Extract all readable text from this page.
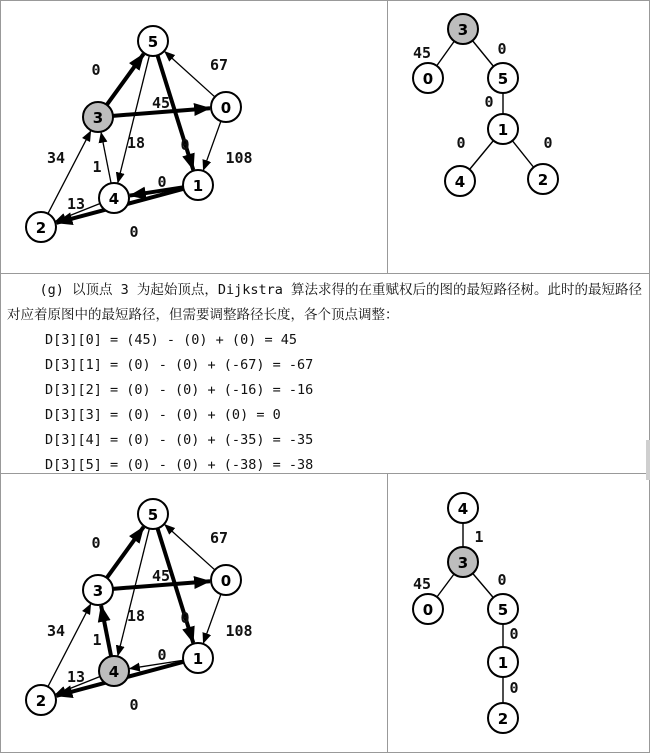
0	67
45
0
18
1
34	108
0
13
0
5
0
3
4
1
2
45	0
0
0	0
3
0	5
1
4	2
(g) 以顶点 3 为起始顶点，Dijkstra 算法求得的在重赋权后的图的最短路径树。此时的最短路径对应着原图中的最短路径，但需要调整路径长度，各个顶点调整：
D[3][0] = (45) - (0) + (0) = 45
D[3][1] = (0) - (0) + (-67) = -67
D[3][2] = (0) - (0) + (-16) = -16
D[3][3] = (0) - (0) + (0) = 0
D[3][4] = (0) - (0) + (-35) = -35
D[3][5] = (0) - (0) + (-38) = -38
0	67
45
0
18
1
34	108
0
13
0
5
0
3
4
1
2
1
45	0
0
0
4
3
0	5
1
2
